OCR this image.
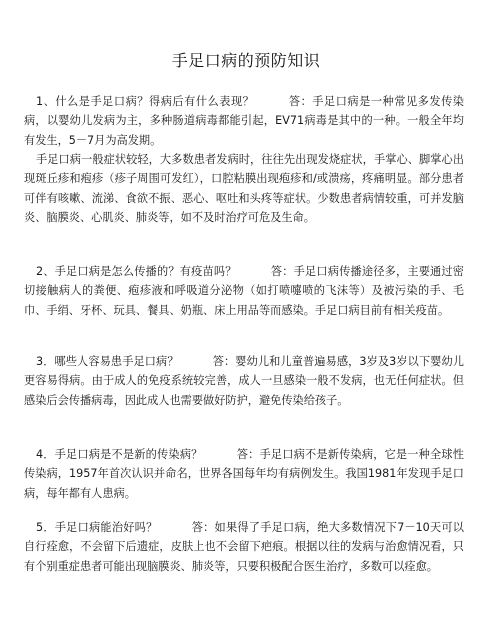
手足口病的预防知识

1、什么是手足口病？得病后有什么表现？	答：手足口病是一种常见多发传染病，以婴幼儿发病为主，多种肠道病毒都能引起，EV71病毒是其中的一种。一般全年均有发生，5－7月为高发期。

手足口病一般症状较轻，大多数患者发病时，往往先出现发烧症状，手掌心、脚掌心出现斑丘疹和疱疹（疹子周围可发红），口腔粘膜出现疱疹和/或溃疡，疼痛明显。部分患者可伴有咳嗽、流涕、食欲不振、恶心、呕吐和头疼等症状。少数患者病情较重，可并发脑炎、脑膜炎、心肌炎、肺炎等，如不及时治疗可危及生命。

2、手足口病是怎么传播的？有疫苗吗？	答：手足口病传播途径多，主要通过密切接触病人的粪便、疱疹液和呼吸道分泌物（如打喷嚏喷的飞沫等）及被污染的手、毛巾、手绢、牙杯、玩具、餐具、奶瓶、床上用品等而感染。手足口病目前有相关疫苗。

3．哪些人容易患手足口病？	答：婴幼儿和儿童普遍易感，3岁及3岁以下婴幼儿更容易得病。由于成人的免疫系统较完善，成人一旦感染一般不发病，也无任何症状。但感染后会传播病毒，因此成人也需要做好防护，避免传染给孩子。

4．手足口病是不是新的传染病？	答：手足口病不是新传染病，它是一种全球性传染病，1957年首次认识并命名，世界各国每年均有病例发生。我国1981年发现手足口病，每年都有人患病。

5．手足口病能治好吗？	答：如果得了手足口病，绝大多数情况下7－10天可以自行痊愈，不会留下后遗症，皮肤上也不会留下疤痕。根据以往的发病与治愈情况看，只有个别重症患者可能出现脑膜炎、肺炎等，只要积极配合医生治疗，多数可以痊愈。
